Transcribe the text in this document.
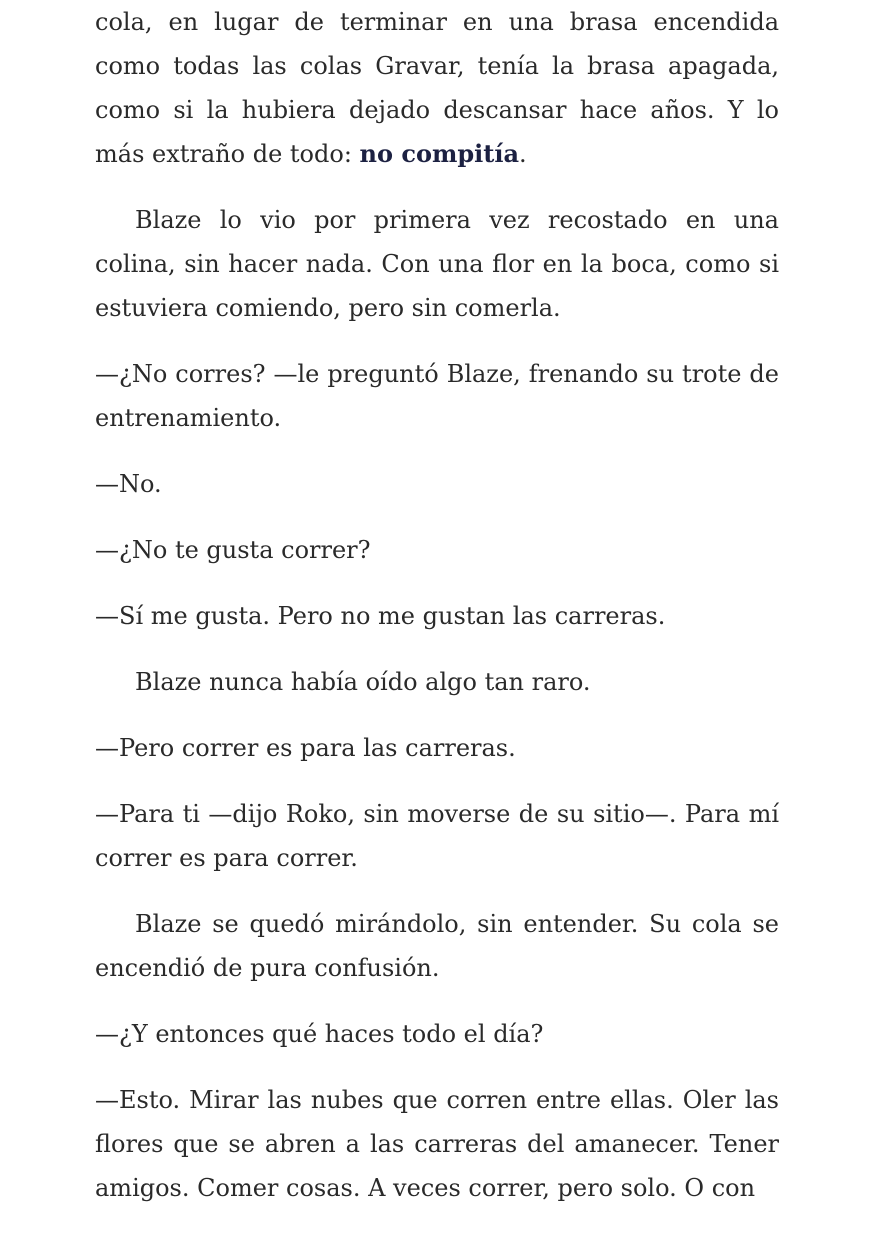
cola, en lugar de terminar en una brasa encendida como todas las colas Gravar, tenía la brasa apagada, como si la hubiera dejado descansar hace años. Y lo más extraño de todo: no compitía.

Blaze lo vio por primera vez recostado en una colina, sin hacer nada. Con una flor en la boca, como si estuviera comiendo, pero sin comerla.

—¿No corres? —le preguntó Blaze, frenando su trote de entrenamiento.

—No.

—¿No te gusta correr?

—Sí me gusta. Pero no me gustan las carreras.

Blaze nunca había oído algo tan raro.

—Pero correr es para las carreras.

—Para ti —dijo Roko, sin moverse de su sitio—. Para mí correr es para correr.

Blaze se quedó mirándolo, sin entender. Su cola se encendió de pura confusión.

—¿Y entonces qué haces todo el día?

—Esto. Mirar las nubes que corren entre ellas. Oler las flores que se abren a las carreras del amanecer. Tener amigos. Comer cosas. A veces correr, pero solo. O con
